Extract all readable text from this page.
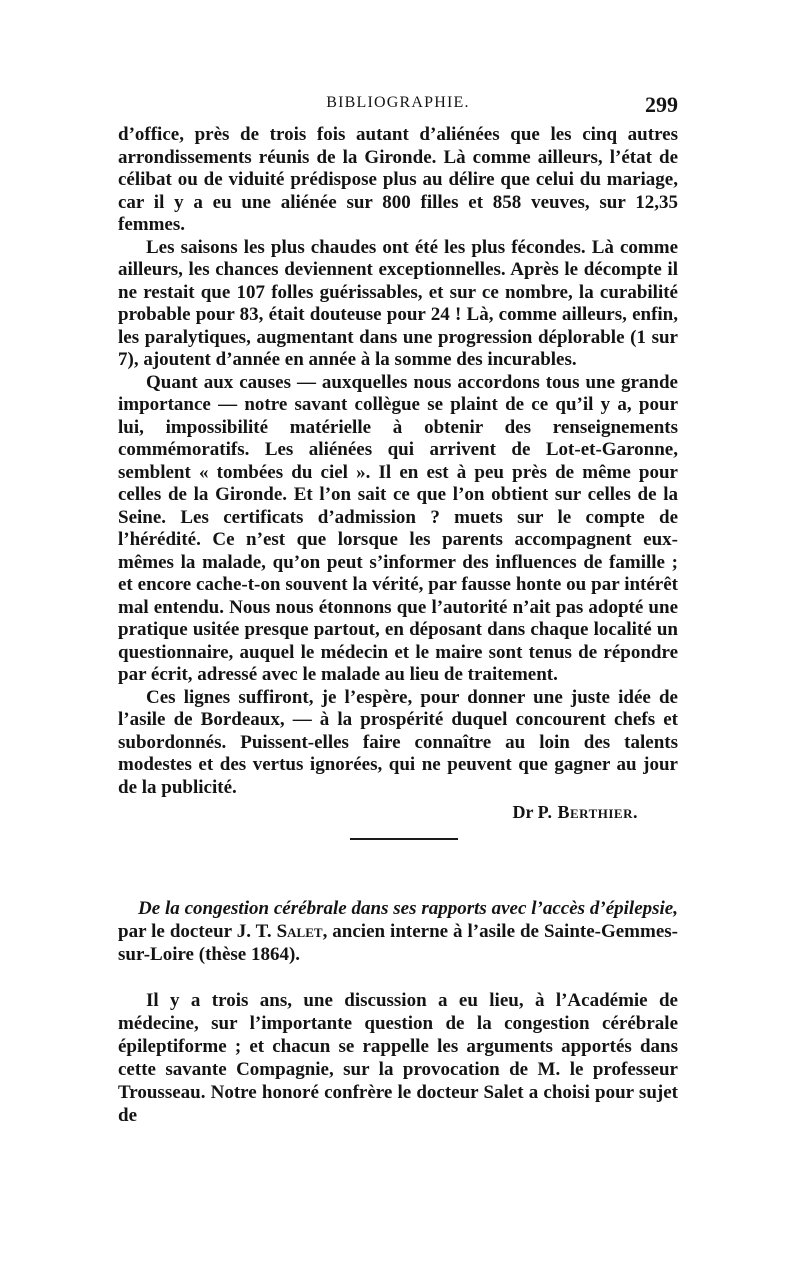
BIBLIOGRAPHIE.	299

d’office, près de trois fois autant d’aliénées que les cinq autres arrondissements réunis de la Gironde. Là comme ailleurs, l’état de célibat ou de viduité prédispose plus au délire que celui du mariage, car il y a eu une aliénée sur 800 filles et 858 veuves, sur 12,35 femmes.

Les saisons les plus chaudes ont été les plus fécondes. Là comme ailleurs, les chances deviennent exceptionnelles. Après le décompte il ne restait que 107 folles guérissables, et sur ce nombre, la curabilité probable pour 83, était douteuse pour 24 ! Là, comme ailleurs, enfin, les paralytiques, augmentant dans une progression déplorable (1 sur 7), ajoutent d’année en année à la somme des incurables.

Quant aux causes — auxquelles nous accordons tous une grande importance — notre savant collègue se plaint de ce qu’il y a, pour lui, impossibilité matérielle à obtenir des renseignements commémoratifs. Les aliénées qui arrivent de Lot-et-Garonne, semblent « tombées du ciel ». Il en est à peu près de même pour celles de la Gironde. Et l’on sait ce que l’on obtient sur celles de la Seine. Les certificats d’admission ? muets sur le compte de l’hérédité. Ce n’est que lorsque les parents accompagnent eux-mêmes la malade, qu’on peut s’informer des influences de famille ; et encore cache-t-on souvent la vérité, par fausse honte ou par intérêt mal entendu. Nous nous étonnons que l’autorité n’ait pas adopté une pratique usitée presque partout, en déposant dans chaque localité un questionnaire, auquel le médecin et le maire sont tenus de répondre par écrit, adressé avec le malade au lieu de traitement.

Ces lignes suffiront, je l’espère, pour donner une juste idée de l’asile de Bordeaux, — à la prospérité duquel concourent chefs et subordonnés. Puissent-elles faire connaître au loin des talents modestes et des vertus ignorées, qui ne peuvent que gagner au jour de la publicité.

Dr P. Berthier.

De la congestion cérébrale dans ses rapports avec l’accès d’épilepsie, par le docteur J. T. Salet, ancien interne à l’asile de Sainte-Gemmes-sur-Loire (thèse 1864).

Il y a trois ans, une discussion a eu lieu, à l’Académie de médecine, sur l’importante question de la congestion cérébrale épileptiforme ; et chacun se rappelle les arguments apportés dans cette savante Compagnie, sur la provocation de M. le professeur Trousseau. Notre honoré confrère le docteur Salet a choisi pour sujet de
